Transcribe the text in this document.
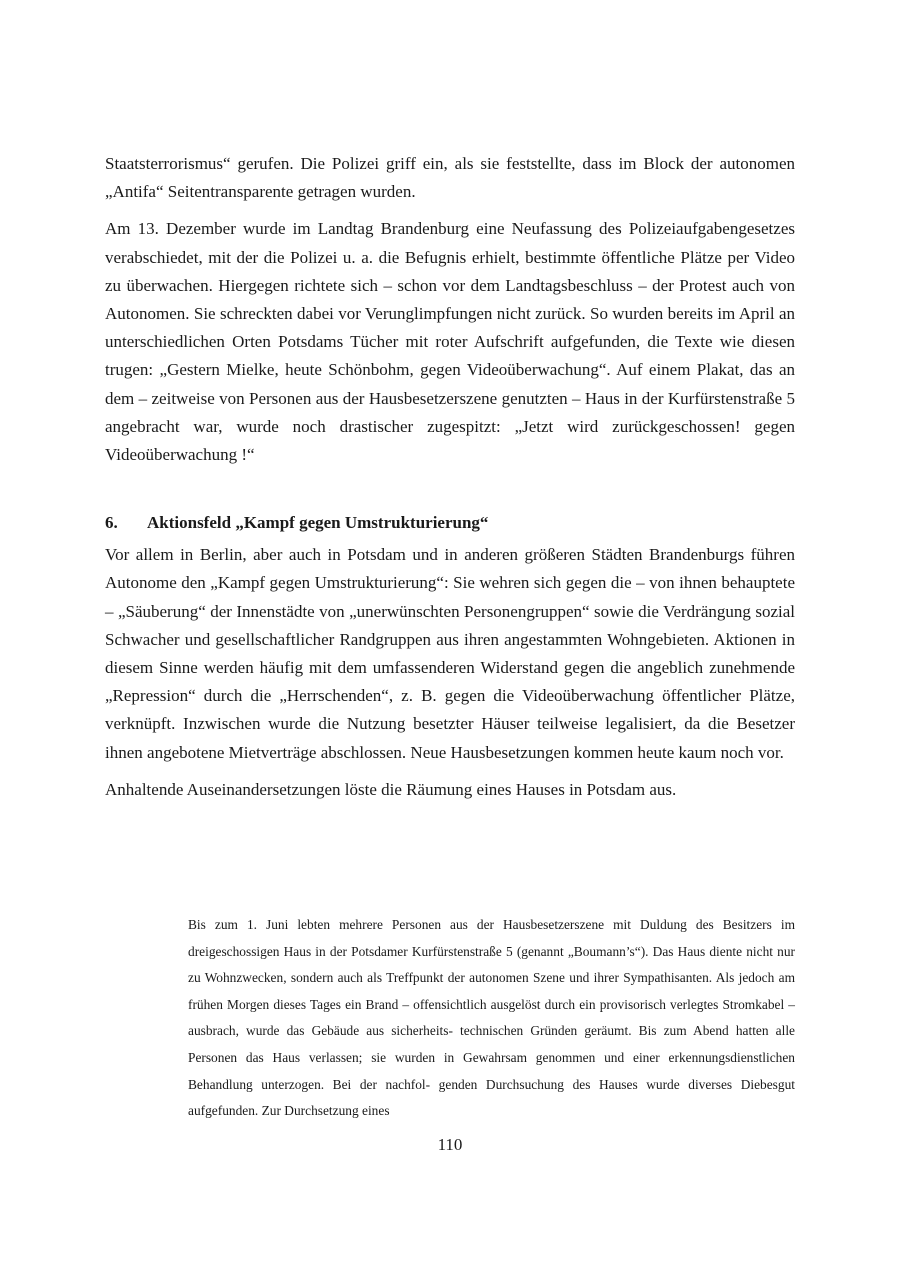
Staatsterrorismus“ gerufen. Die Polizei griff ein, als sie feststellte, dass im Block der autonomen „Antifa“ Seitentransparente getragen wurden.

Am 13. Dezember wurde im Landtag Brandenburg eine Neufassung des Polizeiaufgabengesetzes verabschiedet, mit der die Polizei u. a. die Befugnis erhielt, bestimmte öffentliche Plätze per Video zu überwachen. Hiergegen richtete sich – schon vor dem Landtagsbeschluss – der Protest auch von Autonomen. Sie schreckten dabei vor Verunglimpfungen nicht zurück. So wurden bereits im April an unterschiedlichen Orten Potsdams Tücher mit roter Aufschrift aufgefunden, die Texte wie diesen trugen: „Gestern Mielke, heute Schönbohm, gegen Videoüberwachung“. Auf einem Plakat, das an dem – zeitweise von Personen aus der Hausbesetzerszene genutzten – Haus in der Kurfürstenstraße 5 angebracht war, wurde noch drastischer zugespitzt: „Jetzt wird zurückgeschossen! gegen Videoüberwachung !“

6.	Aktionsfeld „Kampf gegen Umstrukturierung“

Vor allem in Berlin, aber auch in Potsdam und in anderen größeren Städten Brandenburgs führen Autonome den „Kampf gegen Umstrukturierung“: Sie wehren sich gegen die – von ihnen behauptete – „Säuberung“ der Innenstädte von „unerwünschten Personengruppen“ sowie die Verdrängung sozial Schwacher und gesellschaftlicher Randgruppen aus ihren angestammten Wohngebieten. Aktionen in diesem Sinne werden häufig mit dem umfassenderen Widerstand gegen die angeblich zunehmende „Repression“ durch die „Herrschenden“, z. B. gegen die Videoüberwachung öffentlicher Plätze, verknüpft. Inzwischen wurde die Nutzung besetzter Häuser teilweise legalisiert, da die Besetzer ihnen angebotene Mietverträge abschlossen. Neue Hausbesetzungen kommen heute kaum noch vor.

Anhaltende Auseinandersetzungen löste die Räumung eines Hauses in Potsdam aus.

Bis zum 1. Juni lebten mehrere Personen aus der Hausbesetzerszene mit Duldung des Besitzers im dreigeschossigen Haus in der Potsdamer Kurfürstenstraße 5 (genannt „Boumann’s“). Das Haus diente nicht nur zu Wohnzwecken, sondern auch als Treffpunkt der autonomen Szene und ihrer Sympathisanten. Als jedoch am frühen Morgen dieses Tages ein Brand – offensichtlich ausgelöst durch ein provisorisch verlegtes Stromkabel – ausbrach, wurde das Gebäude aus sicherheits- technischen Gründen geräumt. Bis zum Abend hatten alle Personen das Haus verlassen; sie wurden in Gewahrsam genommen und einer erkennungsdienstlichen Behandlung unterzogen. Bei der nachfol- genden Durchsuchung des Hauses wurde diverses Diebesgut aufgefunden. Zur Durchsetzung eines

110
